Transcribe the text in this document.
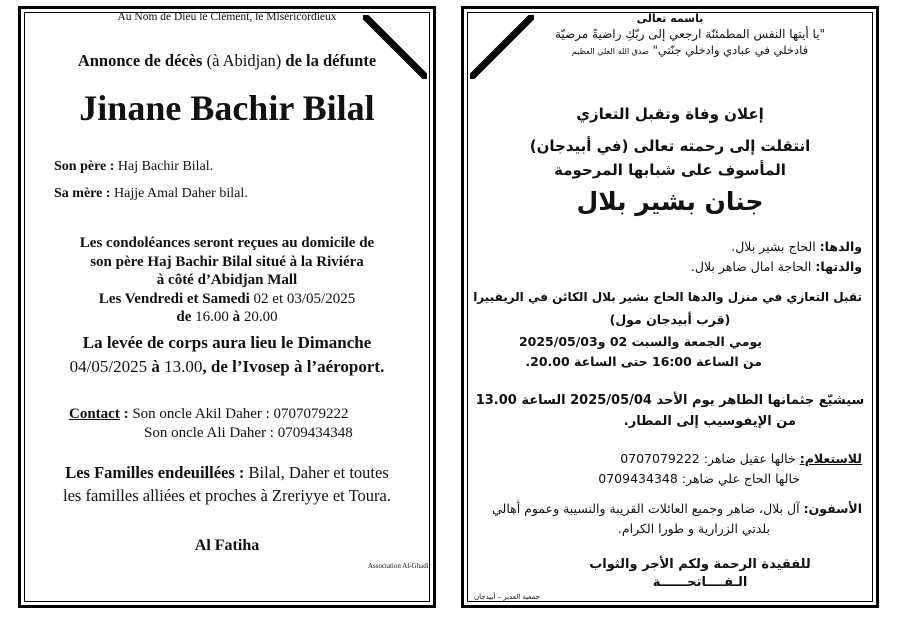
Au Nom de Dieu le Clément, le Miséricordieux
Annonce de décès (à Abidjan) de la défunte
Jinane Bachir Bilal
Son père : Haj Bachir Bilal.
Sa mère : Hajje Amal Daher bilal.
Les condoléances seront reçues au domicile de
son père Haj Bachir Bilal situé à la Riviéra
à côté d’Abidjan Mall
Les Vendredi et Samedi 02 et 03/05/2025
de 16.00 à 20.00
La levée de corps aura lieu le Dimanche
04/05/2025 à 13.00, de l’Ivosep à l’aéroport.
Contact : Son oncle Akil Daher : 0707079222
Son oncle Ali Daher : 0709434348
Les Familles endeuillées : Bilal, Daher et toutes
les familles alliées et proches à Zreriyye et Toura.
Al Fatiha
Association Al-Ghadir
باسمه تعالى
"يا أيتها النفس المطمئنّة ارجعي إلى ربّكِ راضيةً مرضيّة
فادخلي في عبادي وادخلي جنّتي" صدق الله العلي العظيم
إعلان وفاة وتقبل التعازي
انتقلت إلى رحمته تعالى (في أبيدجان)
المأسوف على شبابها المرحومة
جنان بشير بلال
والدها: الحاج بشير بلال.
والدتها: الحاجة امال ضاهر بلال.
تقبل التعازي في منزل والدها الحاج بشير بلال الكائن في الريفييرا
(قرب أبيدجان مول)
يومي الجمعة والسبت 02 و2025/05/03
من الساعة 16:00 حتى الساعة 20.00.
سيشيّع جثمانها الطاهر يوم الأحد 2025/05/04 الساعة 13.00
من الإيفوسيب إلى المطار.
للاستعلام: خالها عقيل ضاهر: 0707079222
خالها الحاج علي ضاهر: 0709434348
الأسفون: آل بلال، ضاهر وجميع العائلات القريبة والنسيبة وعموم أهالي
بلدتي الزرارية و طورا الكرام.
للفقيدة الرحمة ولكم الأجر والثواب
الـفــــاتحــــــة
جمعية الغدير – أبيدجان
